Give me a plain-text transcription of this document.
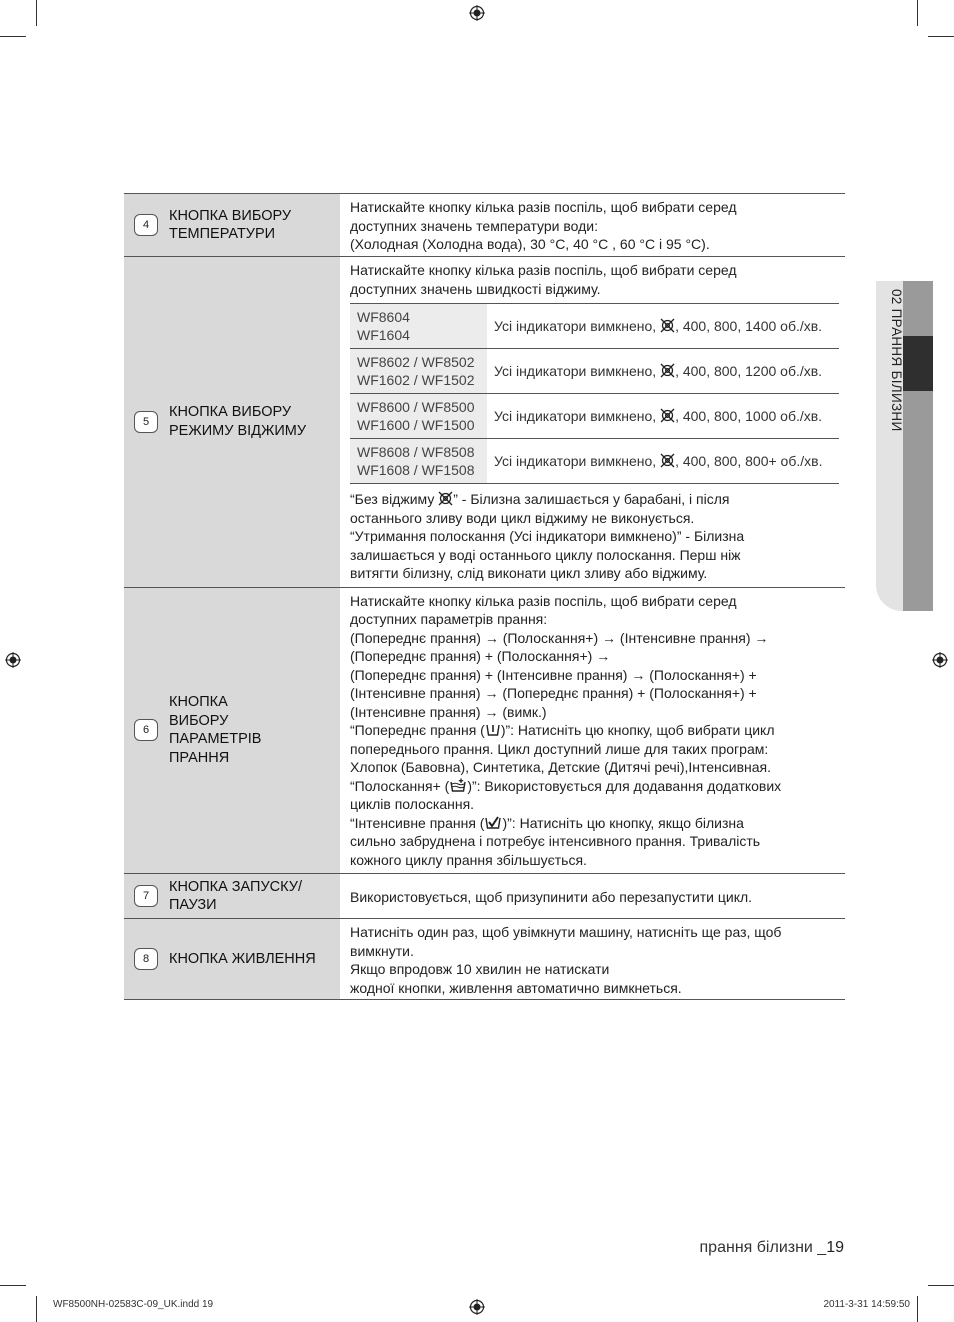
02 ПРАННЯ БІЛИЗНИ
4
КНОПКА ВИБОРУ
ТЕМПЕРАТУРИ

Натискайте кнопку кілька разів поспіль, щоб вибрати серед
доступних значень температури води:
(Холодная (Холодна вода), 30 °C, 40 °C , 60 °C і 95 °C).

5
КНОПКА ВИБОРУ
РЕЖИМУ ВІДЖИМУ

Натискайте кнопку кілька разів поспіль, щоб вибрати серед
доступних значень швидкості віджиму.
WF8604
WF1604
	Усі індикатори вимкнено, , 400, 800, 1400 об./хв.

WF8602 / WF8502
WF1602 / WF1502
	Усі індикатори вимкнено, , 400, 800, 1200 об./хв.

WF8600 / WF8500
WF1600 / WF1500
	Усі індикатори вимкнено, , 400, 800, 1000 об./хв.

WF8608 / WF8508
WF1608 / WF1508
	Усі індикатори вимкнено, , 400, 800, 800+ об./хв.
“Без віджиму ” - Білизна залишається у барабані, і після
останнього зливу води цикл віджиму не виконується.
“Утримання полоскання (Усі індикатори вимкнено)” - Білизна
залишається у воді останнього циклу полоскання. Перш ніж
витягти білизну, слід виконати цикл зливу або віджиму.

6
КНОПКА
ВИБОРУ
ПАРАМЕТРІВ
ПРАННЯ

Натискайте кнопку кілька разів поспіль, щоб вибрати серед
доступних параметрів прання:
(Попереднє прання) → (Полоскання+) → (Інтенсивне прання) →
(Попереднє прання) + (Полоскання+) →
(Попереднє прання) + (Інтенсивне прання) → (Полоскання+) +
(Інтенсивне прання) → (Попереднє прання) + (Полоскання+) +
(Інтенсивне прання) → (вимк.)
“Попереднє прання ( )”: Натисніть цю кнопку, щоб вибрати цикл
попереднього прання. Цикл доступний лише для таких програм:
Хлопок (Бавовна), Синтетика, Детские (Дитячі речі),Інтенсивная.
“Полоскання+ ( )”: Використовується для додавання додаткових
циклів полоскання.
“Інтенсивне прання ( )”: Натисніть цю кнопку, якщо білизна
сильно забруднена і потребує інтенсивного прання. Тривалість
кожного циклу прання збільшується.

7
КНОПКА ЗАПУСКУ/
ПАУЗИ

Використовується, щоб призупинити або перезапустити цикл.

8	КНОПКА ЖИВЛЕННЯ

Натисніть один раз, щоб увімкнути машину, натисніть ще раз, щоб
вимкнути.
Якщо впродовж 10 хвилин не натискати
жодної кнопки, живлення автоматично вимкнеться.
прання білизни _19
WF8500NH-02583C-09_UK.indd 19	2011-3-31 14:59:50
